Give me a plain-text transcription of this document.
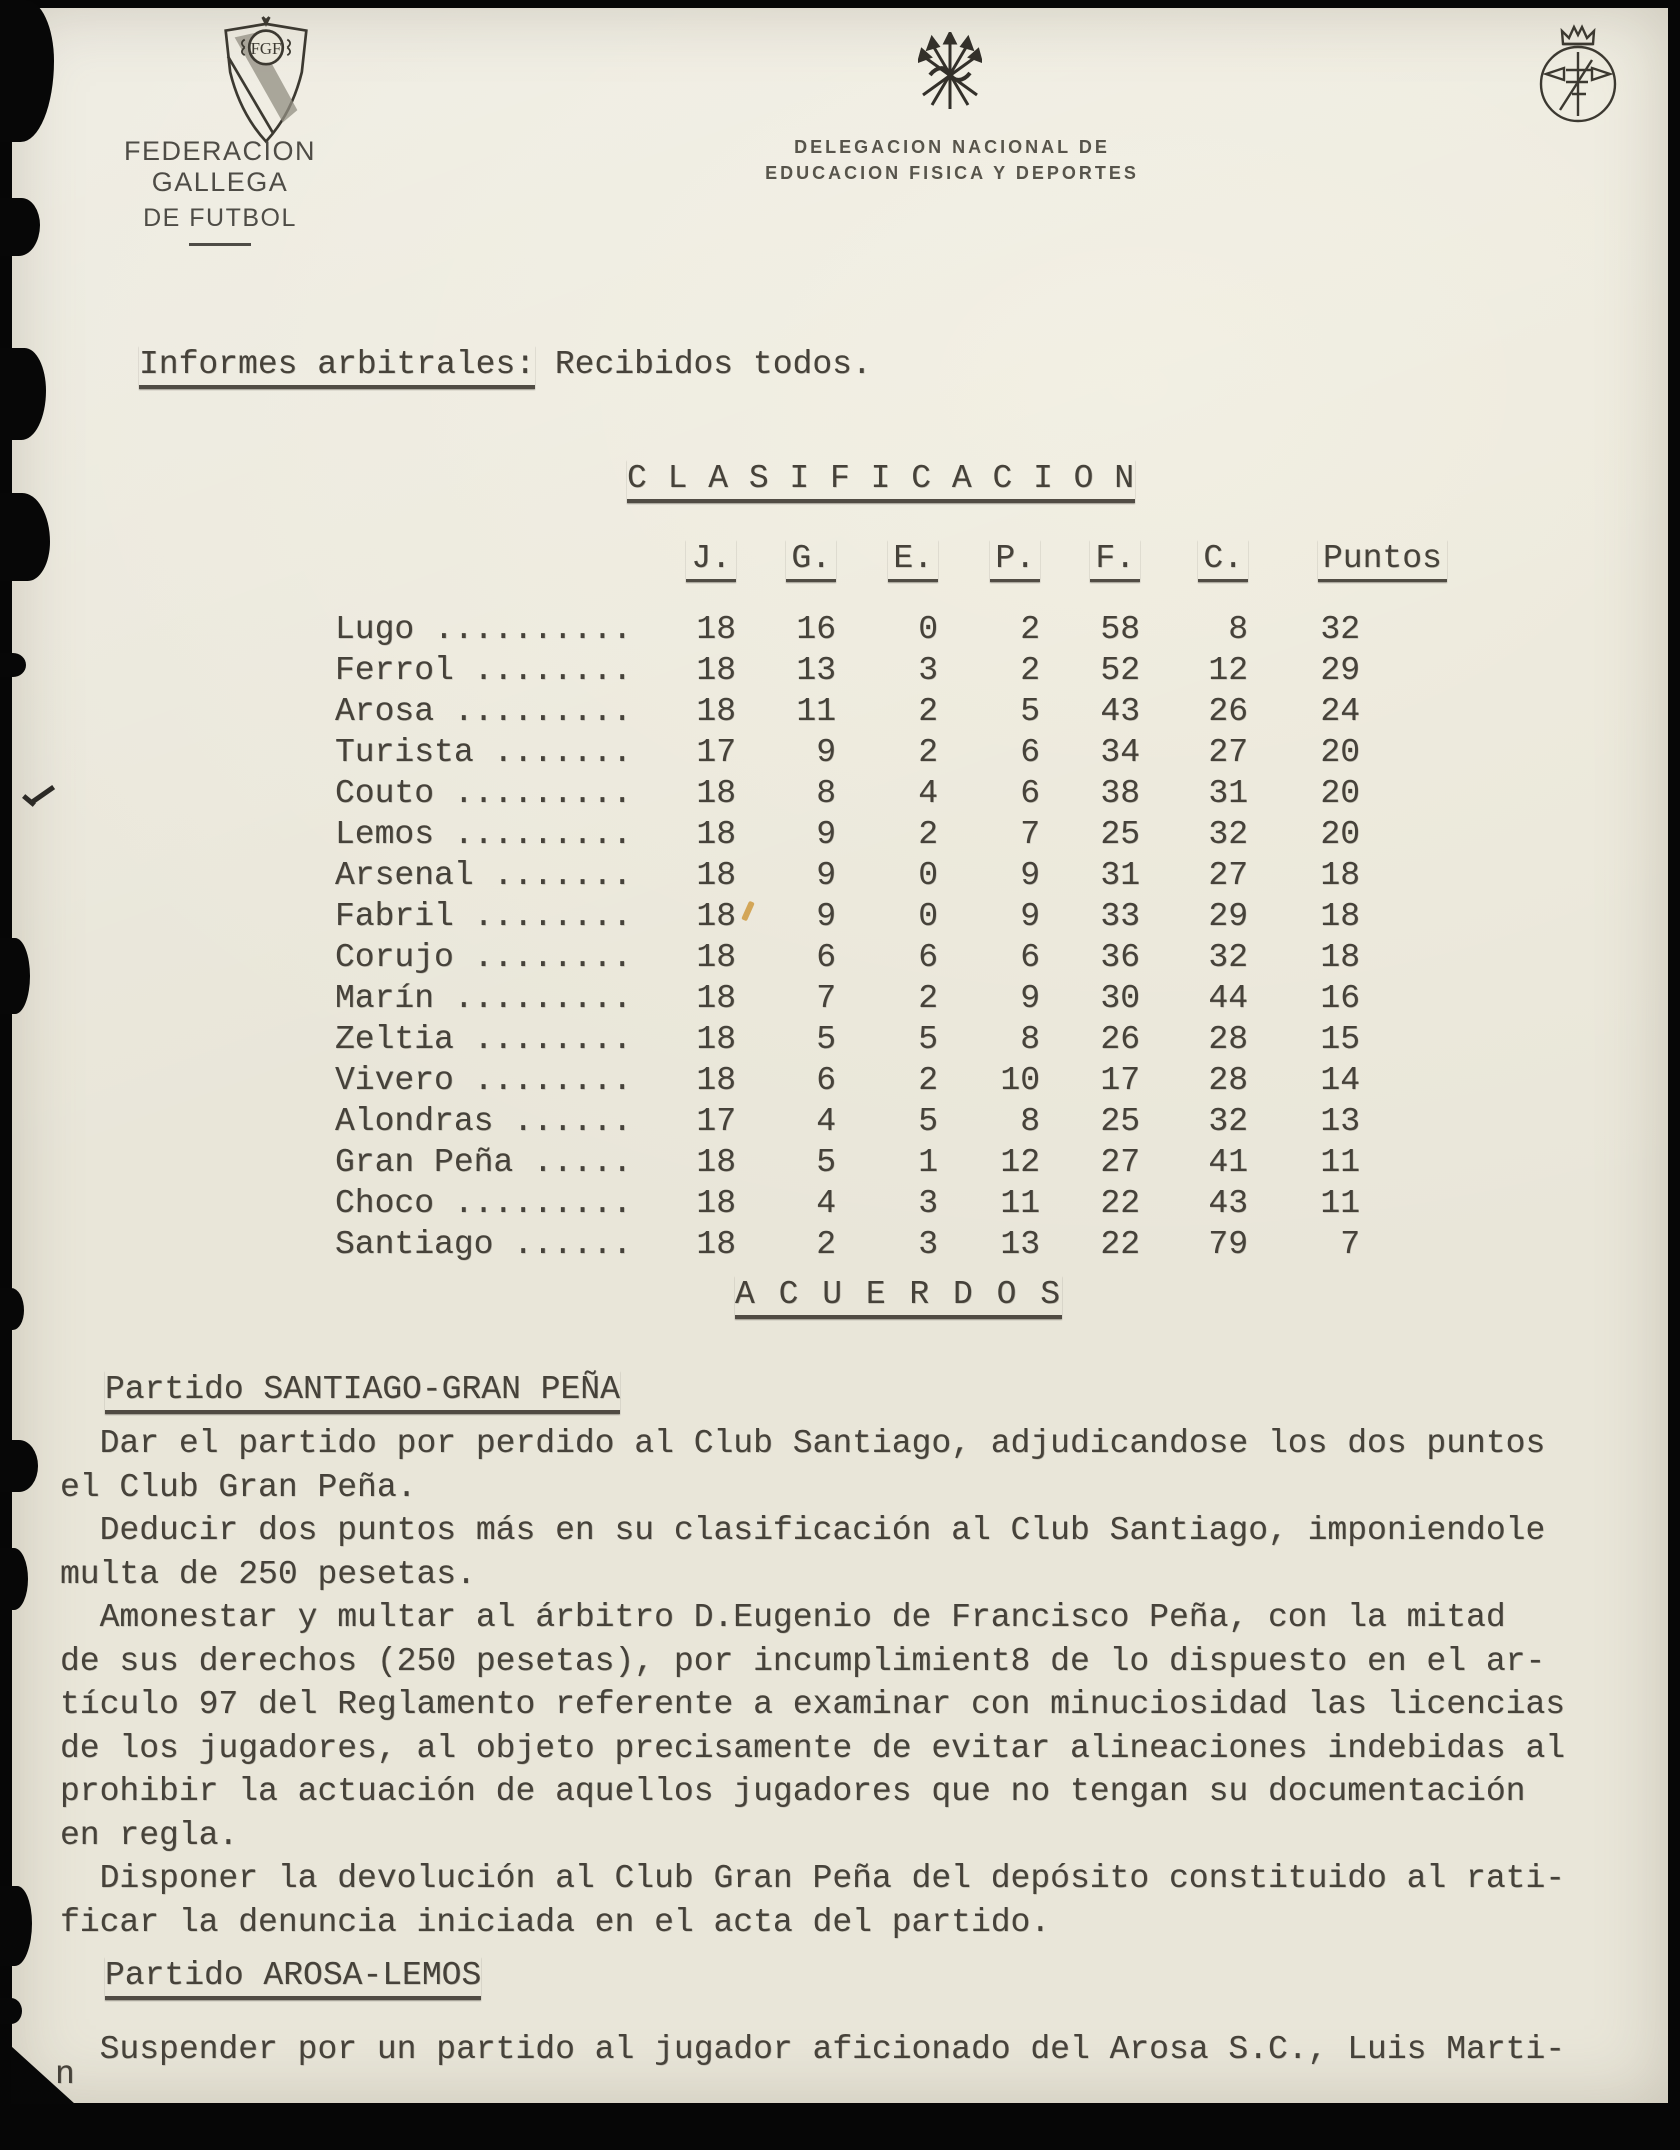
FGF
FEDERACION GALLEGA
DE FUTBOL
DELEGACION NACIONAL DE
EDUCACION FISICA Y DEPORTES
Informes arbitrales: Recibidos todos.
C L A S I F I C A C I O N
J.	G.	E.	P.	F.	C. Puntos
Lugo ..........	18	16	0	2	58	8	32
Ferrol ........	18	13	3	2	52	12	29
Arosa .........	18	11	2	5	43	26	24
Turista .......	17	9	2	6	34	27	20
Couto .........	18	8	4	6	38	31	20
Lemos .........	18	9	2	7	25	32	20
Arsenal .......	18	9	0	9	31	27	18
Fabril ........	18	9	0	9	33	29	18
Corujo ........	18	6	6	6	36	32	18
Marín .........	18	7	2	9	30	44	16
Zeltia ........	18	5	5	8	26	28	15
Vivero ........	18	6	2	10	17	28	14
Alondras ......	17	4	5	8	25	32	13
Gran Peña .....	18	5	1	12	27	41	11
Choco .........	18	4	3	11	22	43	11
Santiago ......	18	2	3	13	22	79	7
A C U E R D O S
Partido SANTIAGO-GRAN PEÑA
Dar el partido por perdido al Club Santiago, adjudicandose los dos puntos
el Club Gran Peña.
Deducir dos puntos más en su clasificación al Club Santiago, imponiendole
multa de 250 pesetas.
Amonestar y multar al árbitro D.Eugenio de Francisco Peña, con la mitad
de sus derechos (250 pesetas), por incumplimient8 de lo dispuesto en el ar-
tículo 97 del Reglamento referente a examinar con minuciosidad las licencias
de los jugadores, al objeto precisamente de evitar alineaciones indebidas al
prohibir la actuación de aquellos jugadores que no tengan su documentación
en regla.
Disponer la devolución al Club Gran Peña del depósito constituido al rati-
ficar la denuncia iniciada en el acta del partido.
Partido AROSA-LEMOS
Suspender por un partido al jugador aficionado del Arosa S.C., Luis Marti-
n
